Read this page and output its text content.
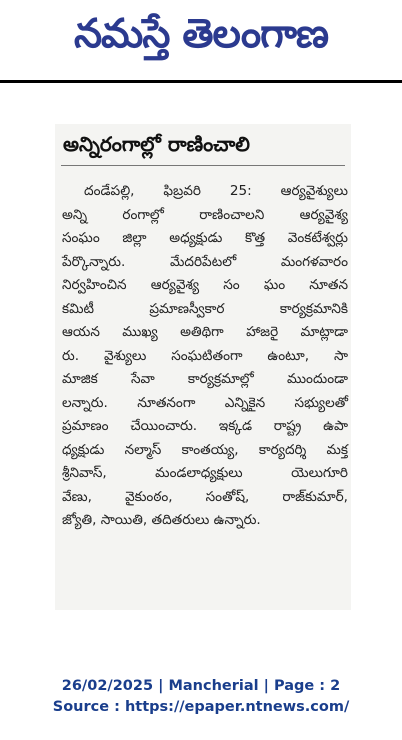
నమస్తే తెలంగాణ
అన్నిరంగాల్లో రాణించాలి
దండేపల్లి, ఫిబ్రవరి 25: ఆర్యవైశ్యులు
అన్ని రంగాల్లో రాణించాలని ఆర్యవైశ్య
సంఘం జిల్లా అధ్యక్షుడు కొత్త వెంకటేశ్వర్లు
పేర్కొన్నారు. మేదరిపేటలో మంగళవారం
నిర్వహించిన ఆర్యవైశ్య సం ఘం నూతన
కమిటీ ప్రమాణస్వీకార కార్యక్రమానికి
ఆయన ముఖ్య అతిథిగా హాజరై మాట్లాడా
రు. వైశ్యులు సంఘటితంగా ఉంటూ, సా
మాజిక సేవా కార్యక్రమాల్లో ముందుండా
లన్నారు. నూతనంగా ఎన్నికైన సభ్యులతో
ప్రమాణం చేయించారు. ఇక్కడ రాష్ట్ర ఉపా
ధ్యక్షుడు నల్మాస్ కాంతయ్య, కార్యదర్శి మక్త
శ్రీనివాస్, మండలాధ్యక్షులు యెలుగూరి
వేణు, వైకుంఠం, సంతోష్, రాజ్‌కుమార్,
జ్యోతి, సాయితి, తదితరులు ఉన్నారు.
26/02/2025 | Mancherial | Page : 2
Source : https://epaper.ntnews.com/
